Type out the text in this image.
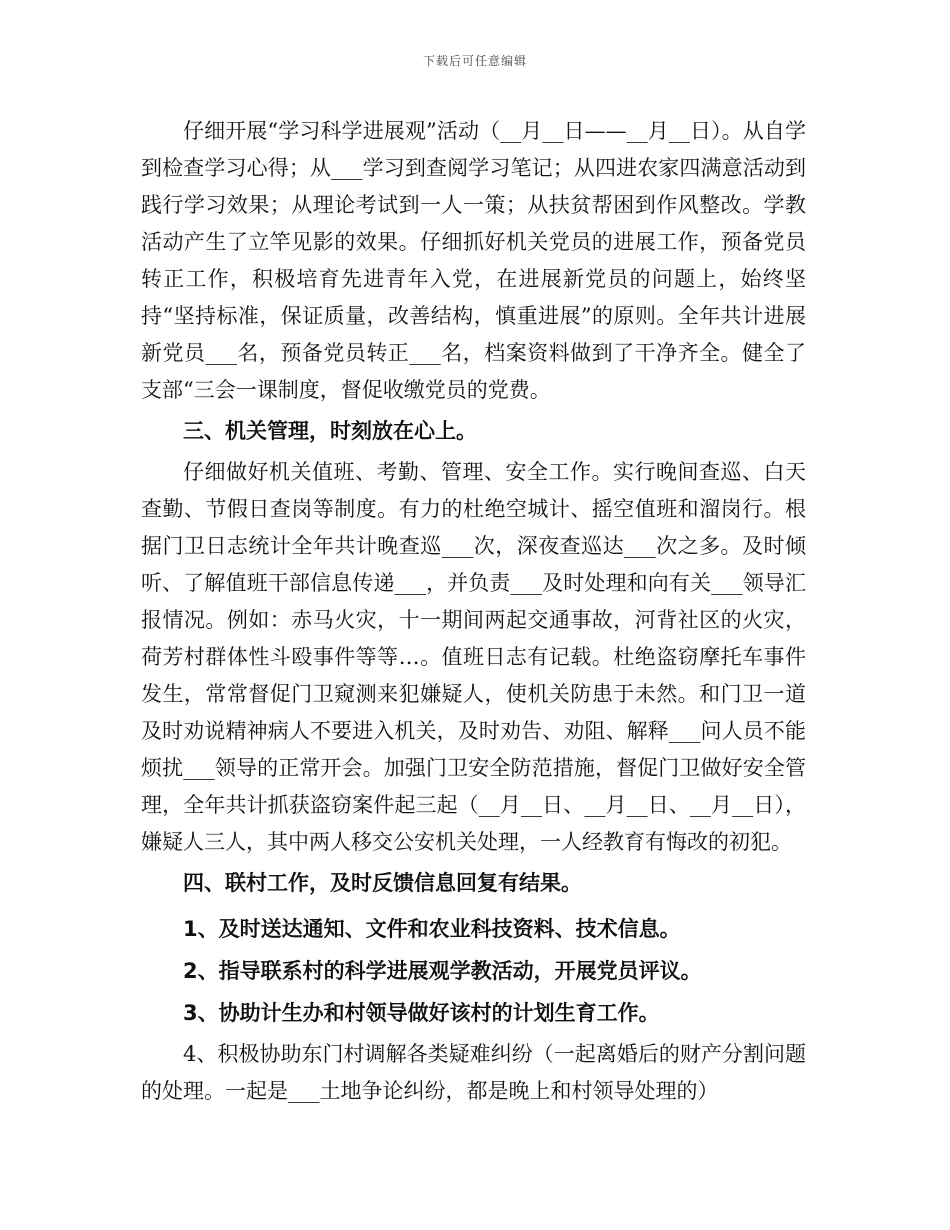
下载后可任意编辑

仔细开展“学习科学进展观”活动（__月__日——__月__日）。从自学到检查学习心得；从___学习到查阅学习笔记；从四进农家四满意活动到践行学习效果；从理论考试到一人一策；从扶贫帮困到作风整改。学教活动产生了立竿见影的效果。仔细抓好机关党员的进展工作，预备党员转正工作，积极培育先进青年入党，在进展新党员的问题上，始终坚持“坚持标准，保证质量，改善结构，慎重进展”的原则。全年共计进展新党员___名，预备党员转正___名，档案资料做到了干净齐全。健全了支部“三会一课制度，督促收缴党员的党费。

三、机关管理，时刻放在心上。

仔细做好机关值班、考勤、管理、安全工作。实行晚间查巡、白天查勤、节假日查岗等制度。有力的杜绝空城计、摇空值班和溜岗行。根据门卫日志统计全年共计晚查巡___次，深夜查巡达___次之多。及时倾听、了解值班干部信息传递___，并负责___及时处理和向有关___领导汇报情况。例如：赤马火灾，十一期间两起交通事故，河背社区的火灾，荷芳村群体性斗殴事件等等…。值班日志有记载。杜绝盗窃摩托车事件发生，常常督促门卫窥测来犯嫌疑人，使机关防患于未然。和门卫一道及时劝说精神病人不要进入机关，及时劝告、劝阻、解释___问人员不能烦扰___领导的正常开会。加强门卫安全防范措施，督促门卫做好安全管理，全年共计抓获盗窃案件起三起（__月__日、__月__日、__月__日），嫌疑人三人，其中两人移交公安机关处理，一人经教育有悔改的初犯。

四、联村工作，及时反馈信息回复有结果。

1、及时送达通知、文件和农业科技资料、技术信息。

2、指导联系村的科学进展观学教活动，开展党员评议。

3、协助计生办和村领导做好该村的计划生育工作。

4、积极协助东门村调解各类疑难纠纷（一起离婚后的财产分割问题的处理。一起是___土地争论纠纷，都是晚上和村领导处理的）
